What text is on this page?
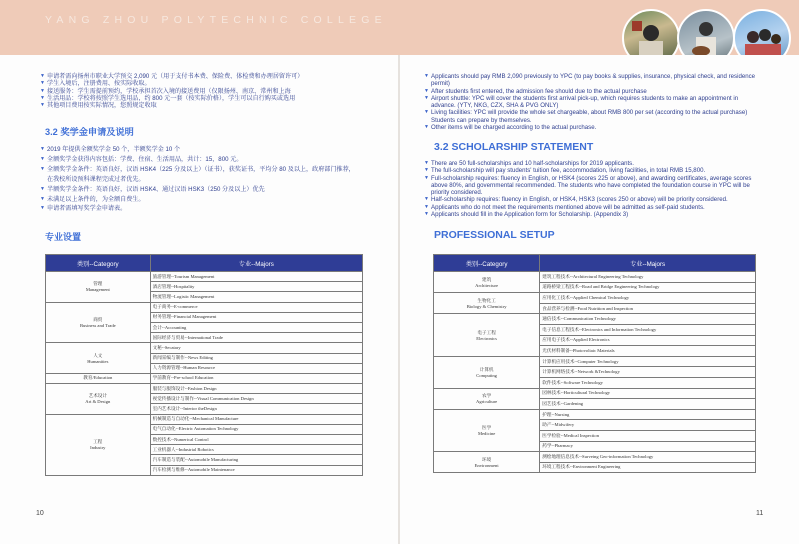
YANG ZHOU POLYTECHNIC COLLEGE
▼ 申请者需向扬州市职业大学预交 2,090 元（用于支付书本费、保险费、体检费和办理居留许可）
▼ 学生入境后，注册费用、按实际收取。
▼ 接送服务：学生需提前预约，学校承担首次入境的接送费用（仅限扬州、南京、常州和上海
▼ 生活用品：学校将按照学生选用品，约 800 元一套（按实际价格），学生可以自行购买或选用
▼ 其他项目费用按实际情况，您照规定收取
3.2 奖学金申请及说明
▼ 2019 年提供全额奖学金 50 个，半额奖学金 10 个
▼ 全额奖学金获得内容包括：学费、住宿、生活用品，共计：15，800 元。
▼ 全额奖学金条件：英语良好，汉语 HSK4（225 分及以上）（证书），获奖证书，平均分 80 及以上，政府部门推荐，在我校所设预科课程完成过者优先。
▼ 半额奖学金条件：英语良好，汉语 HSK4、通过汉语 HSK3（250 分及以上）优先
▼ 未满足以上条件的，为全额自费生。
▼ 申请者需填写奖学金申请表。
专业设置
类别--Category	专业--Majors
管理
Management	旅游管理--Tourism Management
	酒店管理--Hospitality
	物流管理--Logistic Management
商贸
Business and Trade	电子商务--E-commerce
	财务管理--Financial Management
	会计--Accounting
	国际经济与贸易--International Trade
人文
Humanities	文秘--Secatary
	新闻采编与制作--News Editing
	人力资源管理--Human Resource
教育/Education	学前教育--Pre-school Education
艺术设计
Art & Design	服装与服饰设计--Fashion Design
	视觉传播设计与制作--Visual Communication Design
	室内艺术设计--Interior theDesign
工程
Industry	机械制造与自动化--Mechanical Manufacture
	电气自动化--Electric Automation Technology
	数控技术--Numerical Control
	工业机器人--Industrial Robotics
	汽车制造与装配--Automobile Manufacturing
	汽车检测与维修--Automobile Maintenance
10
▼ Applicants should pay RMB 2,090 previously to YPC (to pay books & supplies, insurance, physical check, and residence permit)
▼ After students first entered, the admission fee should due to the actual purchase
▼ Airport shuttle: YPC will cover the students first arrival pick-up, which requires students to make an appointment in advance. (YTY, NKG, CZX, SHA & PVG ONLY)
▼ Living facilities: YPC will provide the whole set chargeable, about RMB 800 per set (according to the actual purchase) Students can prepare by themselves.
▼ Other items will be charged according to the actual purchase.
3.2 SCHOLARSHIP STATEMENT
▼ There are 50 full-scholarships and 10 half-scholarships for 2019 applicants.
▼ The full-scholarship will pay students' tuition fee, accommodation, living facilities, in total RMB 15,800.
▼ Full-scholarship requires: fluency in English, or HSK4 (scores 225 or above), and awarding certificates, average scores above 80%, and governmental recommended. The students who have completed the foundation course in YPC will be priority considered.
▼ Half-scholarship requires: fluency in English, or HSK4, HSK3 (scores 250 or above) will be priority considered.
▼ Applicants who do not meet the requirements mentioned above will be admitted as self-paid students.
▼ Applicants should fill in the Application form for Scholarship. (Appendix 3)
PROFESSIONAL SETUP
类别--Category	专业--Majors
建筑
Architecture	建筑工程技术--Architectural Engineering Technology
	道路桥梁工程技术--Road and Bridge Engineering Technology
生物化工
Biology & Chemistry	应用化工技术--Applied Chemical Technology
	食品营养与检测--Food Nutrition and Inspection
电子工程
Electronics	通信技术--Communication Technology
	电子信息工程技术--Electronics and Information Technology
	应用电子技术--Applied Electronics
	光伏材料制备--Photovoltaic Materials
计算机
Computing	计算机应用技术--Computer Technology
	计算机网络技术--Network &Technology
	软件技术--Software Technology
农学
Agriculture	园林技术--Horticultural Technology
	园艺技术--Gardening
医学
Medicine	护理--Nursing
	助产--Midwifery
	医学检验--Medical Inspection
	药学--Pharmacy
环境
Environment	测绘地理信息技术--Surveing Geo-information Technology
	环境工程技术--Environment Engineering
11
